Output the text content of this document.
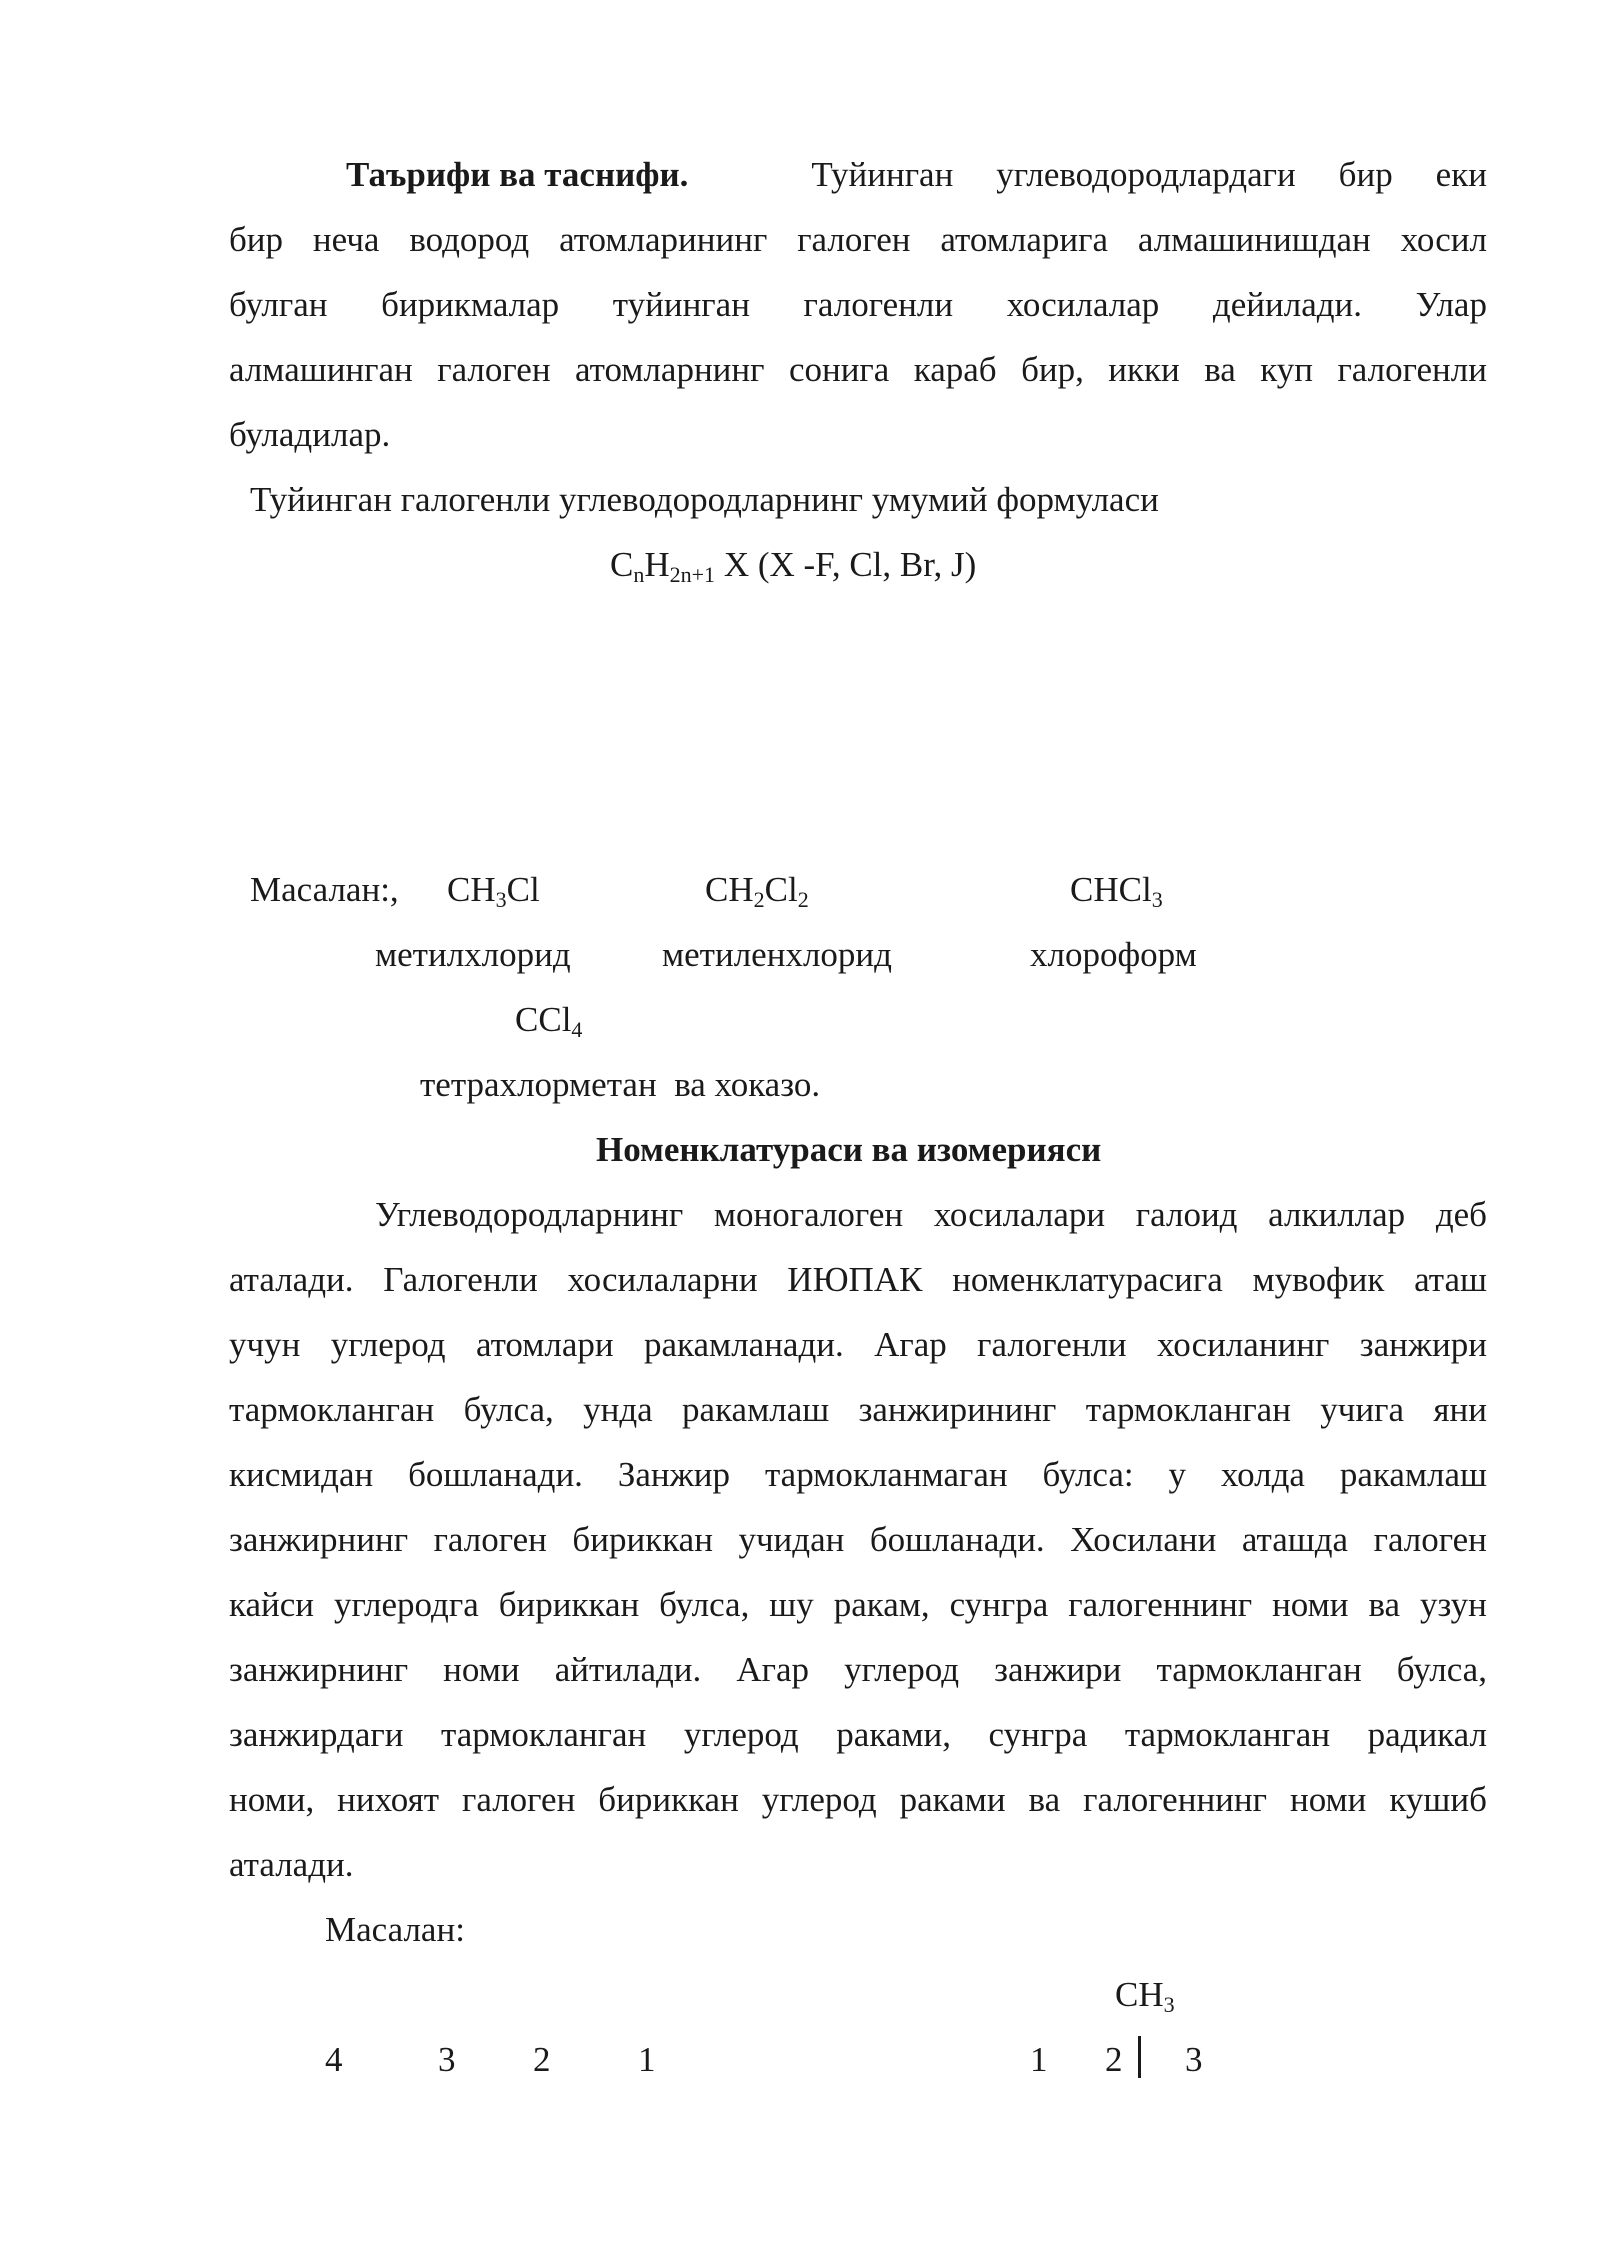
Таърифи ва таснифи.	Туйинган углеводородлардаги бир еки
бир неча водород атомларининг галоген атомларига алмашинишдан хосил
булган бирикмалар туйинган галогенли хосилалар дейилади. Улар
алмашинган галоген атомларнинг сонига караб бир, икки ва куп галогенли
буладилар.
Туйинган галогенли углеводородларнинг умумий формуласи
$C_nH_{2n+1}$ X (X -F, Cl, Br, J)
Масалан:, $CH_3Cl$	$CH_2Cl_2$	CHCl$_3$
метилхлорид	метиленхлорид	хлороформ
CCl$_4$
тетрахлорметан  ва хоказо.
Номенклатураси ва изомерияси
Углеводородларнинг моногалоген хосилалари галоид алкиллар деб
аталади. Галогенли хосилаларни ИЮПАК номенклатурасига мувофик аташ
учун углерод атомлари ракамланади. Агар галогенли хосиланинг занжири
тармокланган булса, унда ракамлаш занжирининг тармокланган учига яни
кисмидан бошланади. Занжир тармокланмаган булса: у холда ракамлаш
занжирнинг галоген бириккан учидан бошланади. Хосилани аташда галоген
кайси углеродга бириккан булса, шу ракам, сунгра галогеннинг номи ва узун
занжирнинг номи айтилади. Агар углерод занжири тармокланган булса,
занжирдаги тармокланган углерод раками, сунгра тармокланган радикал
номи, нихоят галоген бириккан углерод раками ва галогеннинг номи кушиб
аталади.
Масалан:
$CH_3$
4	3 2	1	1 2 3
